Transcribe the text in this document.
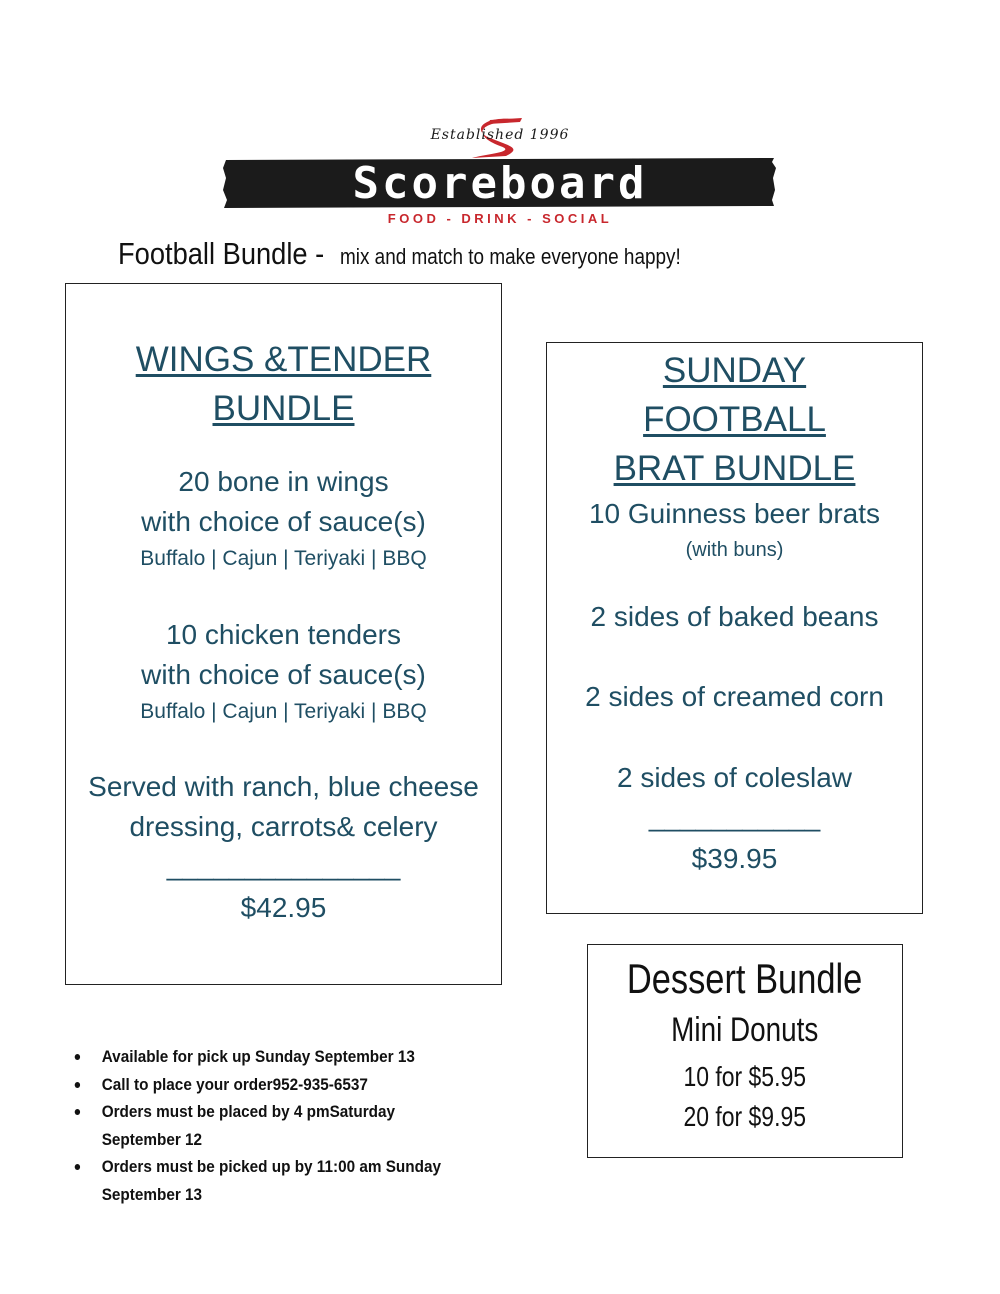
Established 1996
Scoreboard
FOOD - DRINK - SOCIAL
Football Bundle - mix and match to make everyone happy!
WINGS &TENDER
BUNDLE
20 bone in wings
with choice of sauce(s)
Buffalo | Cajun | Teriyaki | BBQ
10 chicken tenders
with choice of sauce(s)
Buffalo | Cajun | Teriyaki | BBQ
Served with ranch, blue cheese
dressing, carrots& celery
_______________
$42.95
SUNDAY
FOOTBALL
BRAT BUNDLE
10 Guinness beer brats
(with buns)
2 sides of baked beans
2 sides of creamed corn
2 sides of coleslaw
___________
$39.95
Dessert Bundle
Mini Donuts
10 for $5.95
20 for $9.95
Available for pick up Sunday September 13
Call to place your order952-935-6537
Orders must be placed by 4 pmSaturday September 12
Orders must be picked up by 11:00 am Sunday September 13
